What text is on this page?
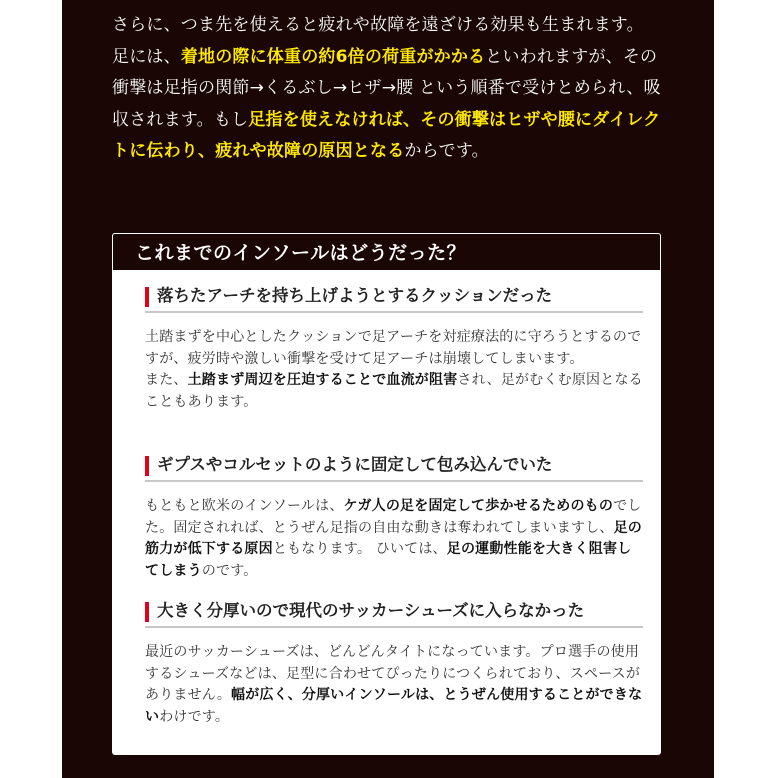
さらに、つま先を使えると疲れや故障を遠ざける効果も生まれます。

足には、着地の際に体重の約6倍の荷重がかかるといわれますが、その衝撃は足指の関節→くるぶし→ヒザ→腰 という順番で受けとめられ、吸収されます。もし足指を使えなければ、その衝撃はヒザや腰にダイレクトに伝わり、疲れや故障の原因となるからです。

これまでのインソールはどうだった？
落ちたアーチを持ち上げようとするクッションだった

土踏まずを中心としたクッションで足アーチを対症療法的に守ろうとするのですが、疲労時や激しい衝撃を受けて足アーチは崩壊してしまいます。
また、土踏まず周辺を圧迫することで血流が阻害され、足がむくむ原因となることもあります。

ギプスやコルセットのように固定して包み込んでいた

もともと欧米のインソールは、ケガ人の足を固定して歩かせるためのものでした。固定されれば、とうぜん足指の自由な動きは奪われてしまいますし、足の筋力が低下する原因ともなります。 ひいては、足の運動性能を大きく阻害してしまうのです。

大きく分厚いので現代のサッカーシューズに入らなかった

最近のサッカーシューズは、どんどんタイトになっています。プロ選手の使用するシューズなどは、足型に合わせてぴったりにつくられており、スペースがありません。幅が広く、分厚いインソールは、とうぜん使用することができないわけです。
